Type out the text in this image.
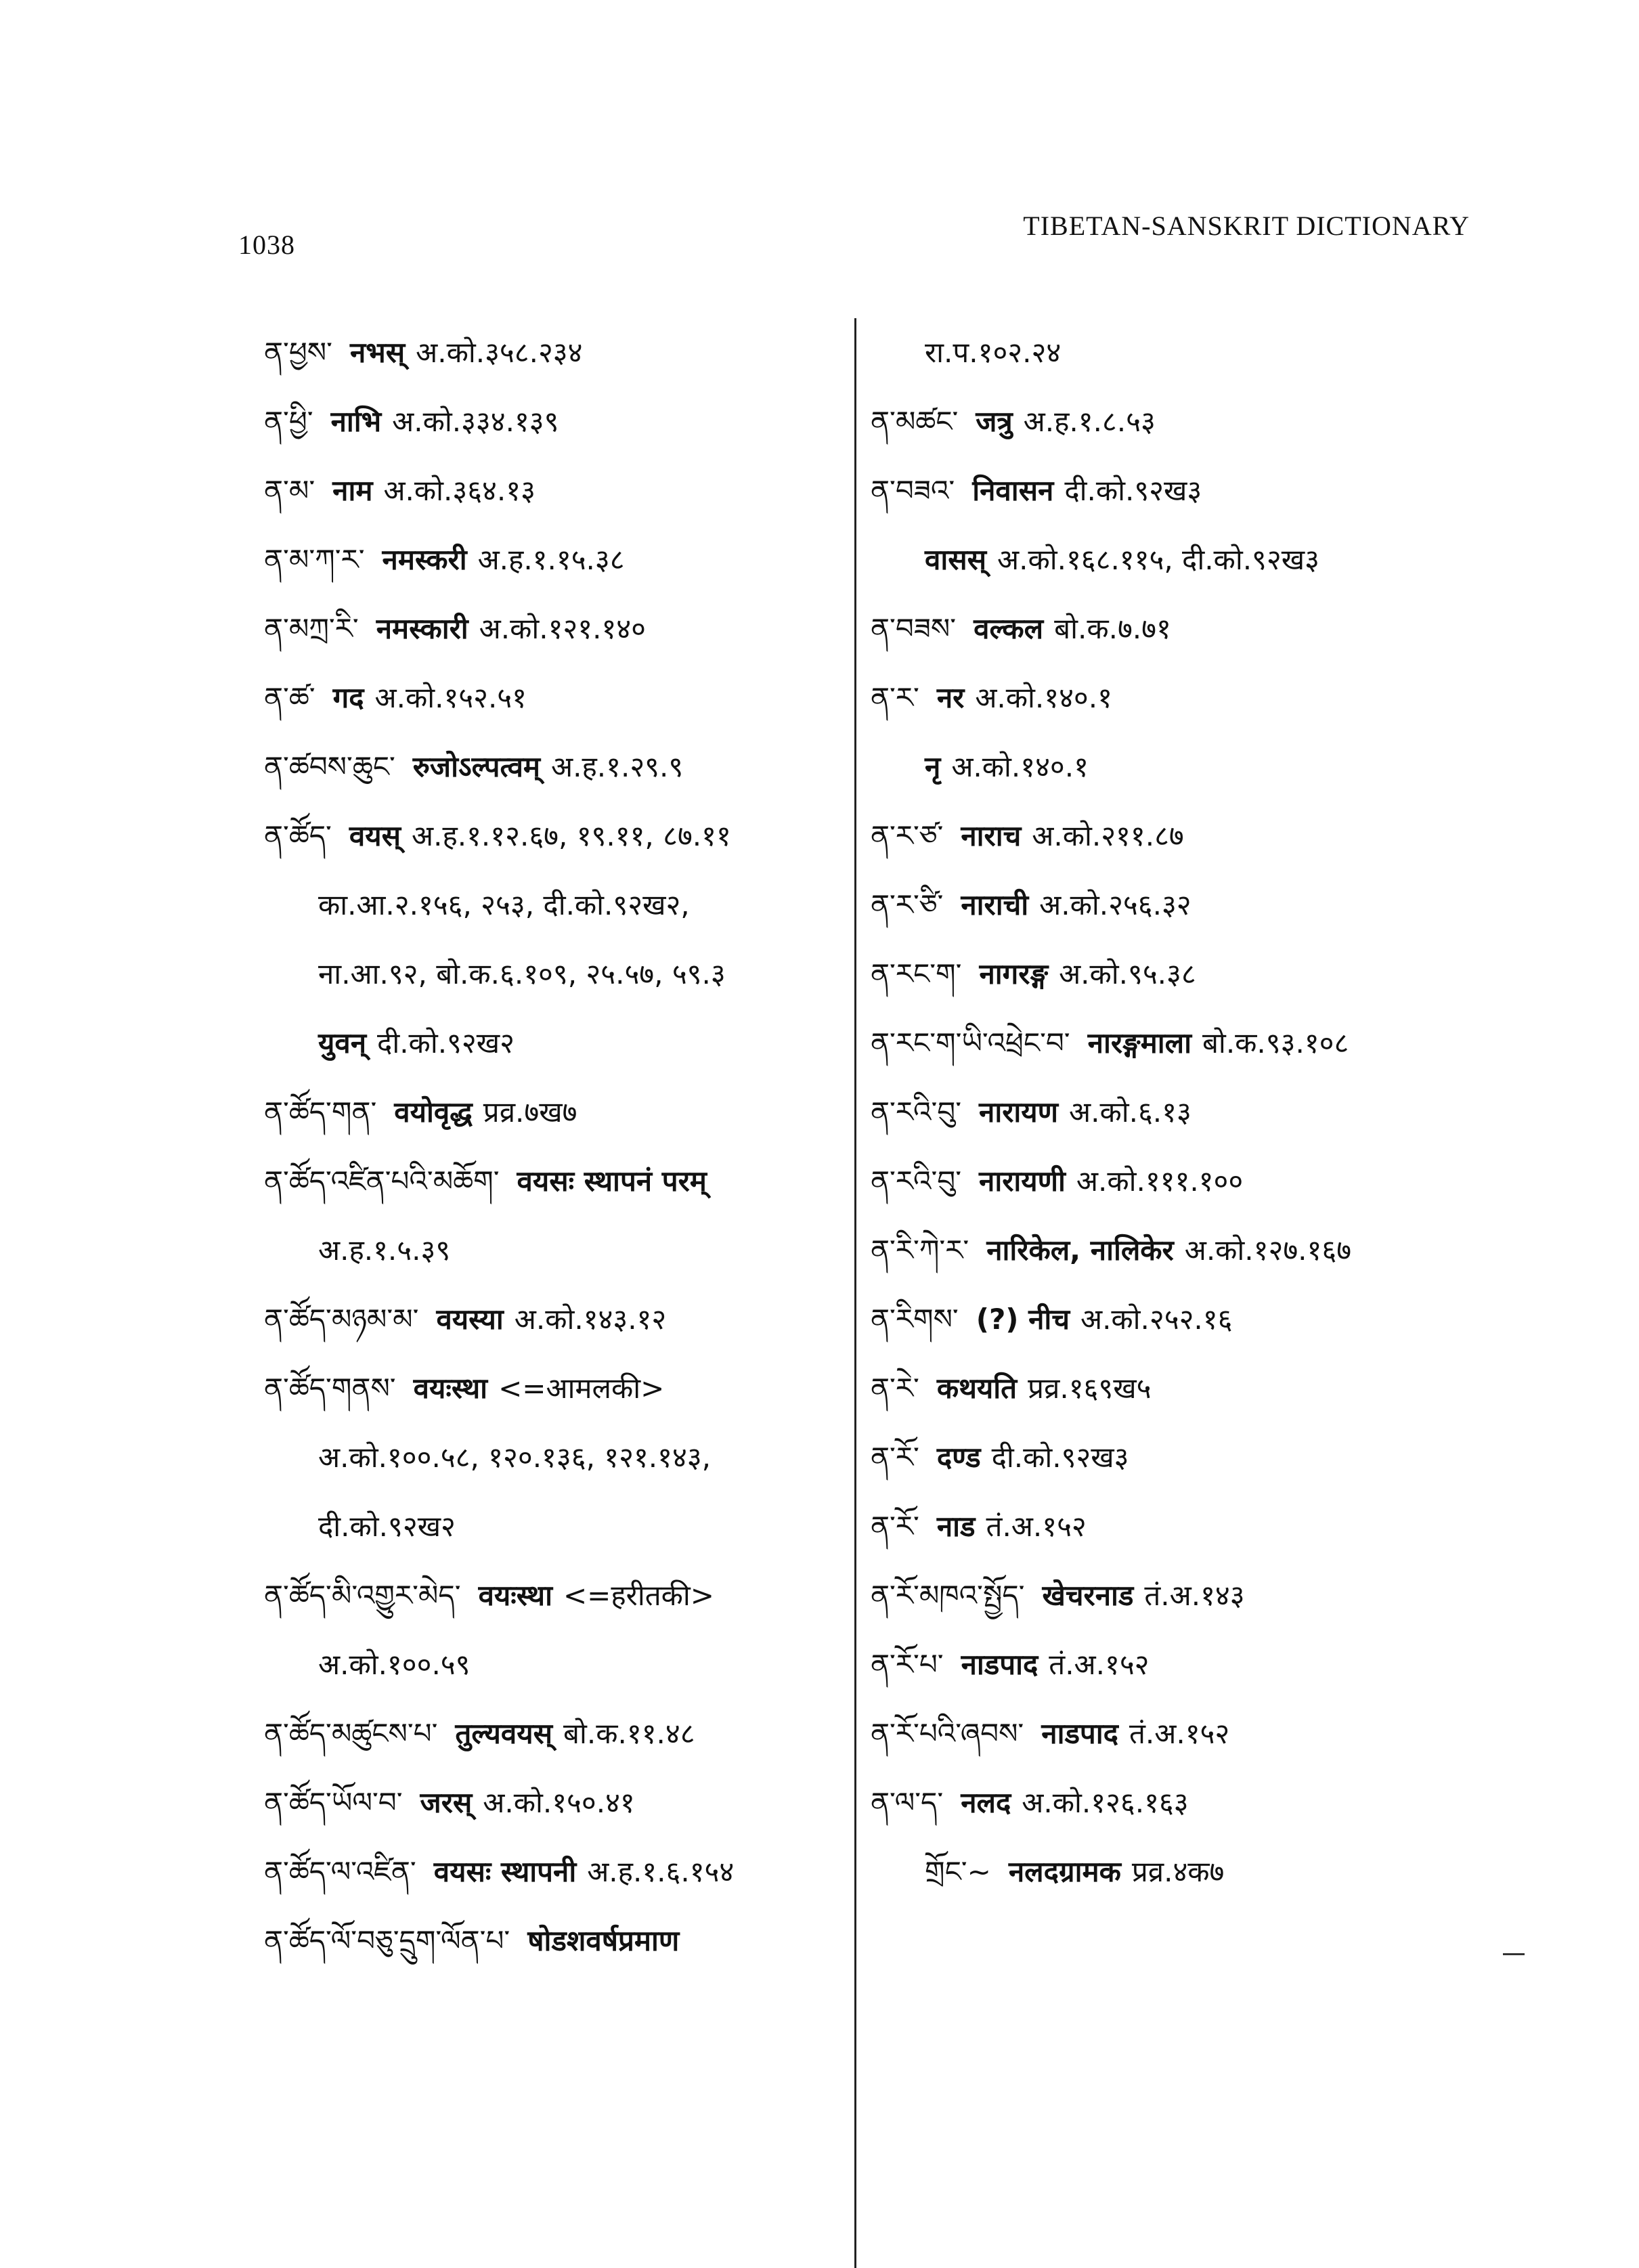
1038
TIBETAN-SANSKRIT DICTIONARY
ན་ཕྱས་ नभस् अ.को.३५८.२३४
ན་ཕྱི་ नाभि अ.को.३३४.१३९
ན་མ་ नाम अ.को.३६४.१३
ན་མ་ཀ་ར་ नमस्करी अ.ह.१.१५.३८
ན་མཀྲ་རི་ नमस्कारी अ.को.१२१.१४०
ན་ཚ་ गद अ.को.१५२.५१
ན་ཚབས་ཆུང་ रुजोऽल्पत्वम् अ.ह.१.२९.९
ན་ཚོད་ वयस् अ.ह.१.१२.६७, १९.११, ८७.११
का.आ.२.१५६, २५३, दी.को.९२ख२,
ना.आ.९२, बो.क.६.१०९, २५.५७, ५९.३
युवन् दी.को.९२ख२
ན་ཚོད་གན་ वयोवृद्ध प्रव्र.७ख७
ན་ཚོད་འཛིན་པའི་མཆོག་ वयसः स्थापनं परम्
अ.ह.१.५.३९
ན་ཚོད་མཉམ་མ་ वयस्या अ.को.१४३.१२
ན་ཚོད་གནས་ वयःस्था <=आमलकी>
अ.को.१००.५८, १२०.१३६, १२१.१४३,
दी.को.९२ख२
ན་ཚོད་མི་འགྱུར་མེད་ वयःस्था <=हरीतकी>
अ.को.१००.५९
ན་ཚོད་མཚུངས་པ་ तुल्यवयस् बो.क.११.४८
ན་ཚོད་ཡོལ་བ་ जरस् अ.को.१५०.४१
ན་ཚོད་ལ་འཛིན་ वयसः स्थापनी अ.ह.१.६.१५४
ན་ཚོད་ལོ་བཅུ་དྲུག་ལོན་པ་ षोडशवर्षप्रमाण
रा.प.१०२.२४
ན་མཚང་ जत्रु अ.ह.१.८.५३
ན་བཟའ་ निवासन दी.को.९२ख३
वासस् अ.को.१६८.११५, दी.को.९२ख३
ན་བཟས་ वल्कल बो.क.७.७१
ན་ར་ नर अ.को.१४०.१
नृ अ.को.१४०.१
ན་ར་ཙ་ नाराच अ.को.२११.८७
ན་ར་ཙི་ नाराची अ.को.२५६.३२
ན་རང་ག་ नागरङ्ग अ.को.९५.३८
ན་རང་ག་ཡི་འཕྲེང་བ་ नारङ्गमाला बो.क.९३.१०८
ན་རའི་བུ་ नारायण अ.को.६.१३
ན་རའི་བུ་ नारायणी अ.को.१११.१००
ན་རི་ཀེ་ར་ नारिकेल, नालिकेर अ.को.१२७.१६७
ན་རིགས་ (?) नीच अ.को.२५२.१६
ན་རེ་ कथयति प्रव्र.१६९ख५
ན་རོ་ दण्ड दी.को.९२ख३
ན་རོ་ नाड तं.अ.१५२
ན་རོ་མཁའ་སྤྱོད་ खेचरनाड तं.अ.१४३
ན་རོ་པ་ नाडपाद तं.अ.१५२
ན་རོ་པའི་ཞབས་ नाडपाद तं.अ.१५२
ན་ལ་ད་ नलद अ.को.१२६.१६३
གྲོང་~ नलदग्रामक प्रव्र.४क७
